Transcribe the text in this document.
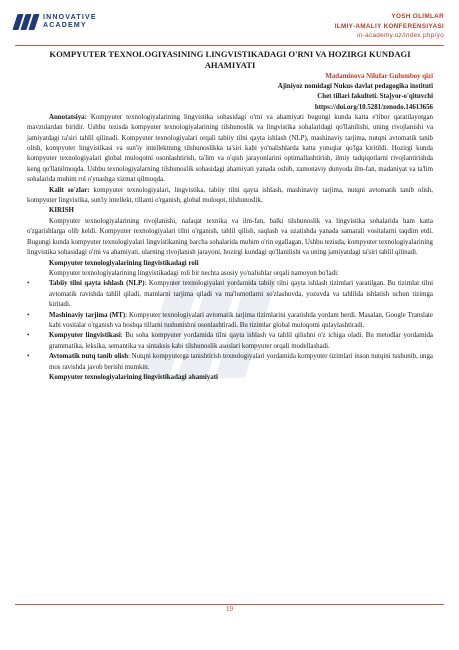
INNOVATIVE
ACADEMY
YOSH OLIMLAR
ILMIY-AMALIY KONFERENSIYASI
in-academy.uz/index.php/yo
KOMPYUTER TEXNOLOGIYASINING LINGVISTIKADAGI O'RNI VA HOZIRGI KUNDAGI AHAMIYATI
Madaminova Nilufar Gulumboy qizi
Ajiniyoz nomidagi Nukus davlat pedagogika instituti
Chet tillari fakulteti. Stajyor-o'qituvchi
https://doi.org/10.5281/zenodo.14613656

Annotatsiya: Kompyuter texnologiyalarining lingvistika sohasidagi o'rni va ahamiyati bugungi kunda katta e'tibor qaratilayotgan mavzulardan biridir. Ushbu tezisda kompyuter texnologiyalarining tilshunoslik va lingvistika sohalaridagi qo'llanilishi, uning rivojlanishi va jamiyatdagi ta'siri tahlil qilinadi. Kompyuter texnologiyalari orqali tabiiy tilni qayta ishlash (NLP), mashinaviy tarjima, nutqni avtomatik tanib olish, kompyuter lingvistikasi va sun'iy intellektning tilshunoslikka ta'siri kabi yo'nalishlarda katta yutuqlar qo'lga kiritildi. Hozirgi kunda kompyuter texnologiyalari global muloqotni osonlashtirish, ta'lim va o'qish jarayonlarini optimallashtirish, ilmiy tadqiqotlarni rivojlantirishda keng qo'llanilmoqda. Ushbu texnologiyalarning tilshunoslik sohasidagi ahamiyati yanada oshib, zamonaviy dunyoda ilm-fan, madaniyat va ta'lim sohalarida muhim rol o'ynashga xizmat qilmoqda.

Kalit so'zlar: kompyuter texnologiyalari, lingvistika, tabiiy tilni qayta ishlash, mashinaviy tarjima, nutqni avtomatik tanib olish, kompyuter lingvistika, sun'iy intellekt, tillarni o'rganish, global muloqot, tilshunoslik.

KIRISH

Kompyuter texnologiyalarining rivojlanishi, nafaqat texnika va ilm-fan, balki tilshunoslik va lingvistika sohalarida ham katta o'zgarishlarga olib keldi. Kompyuter texnologiyalari tilni o'rganish, tahlil qilish, saqlash va uzatishda yanada samarali vositalarni taqdim etdi. Bugungi kunda kompyuter texnologiyalari lingvistikaning barcha sohalarida muhim o'rin egallagan. Ushbu tezisda, kompyuter texnologiyalarining lingvistika sohasidagi o'rni va ahamiyati, ularning rivojlanish jarayoni, hozirgi kundagi qo'llanilishi va uning jamiyatdagi ta'siri tahlil qilinadi.

Kompyuter texnologiyalarining lingvistikadagi roli

Kompyuter texnologiyalarining lingvistikadagi roli bir nechta asosiy yo'nalishlar orqali namoyon bo'ladi:

•	Tabiiy tilni qayta ishlash (NLP): Kompyuter texnologiyalari yordamida tabiiy tilni qayta ishlash tizimlari yaratilgan. Bu tizimlar tilni avtomatik ravishda tahlil qiladi, matnlarni tarjima qiladi va ma'lumotlarni so'zlashuvda, yozuvda va tahlilda ishlatish uchun tizimga kiritadi.
•	Mashinaviy tarjima (MT): Kompyuter texnologiyalari avtomatik tarjima tizimlarini yaratishda yordam berdi. Masalan, Google Translate kabi vositalar o'rganish va boshqa tillarni tushunishni osonlashtiradi. Bu tizimlar global muloqotni qulaylashtiradi.
•	Kompyuter lingvistikasi: Bu soha kompyuter yordamida tilni qayta ishlash va tahlil qilishni o'z ichiga oladi. Bu metodlar yordamida grammatika, leksika, semantika va sintaksis kabi tilshunoslik asoslari kompyuter orqali modellashadi.
•	Avtomatik nutq tanib olish: Nutqni kompyuterga tanishtirish texnologiyalari yordamida kompyuter tizimlari inson nutqini tushunib, unga mos ravishda javob berishi mumkin.
Kompyuter texnologiyalarining lingvistikadagi ahamiyati
19
